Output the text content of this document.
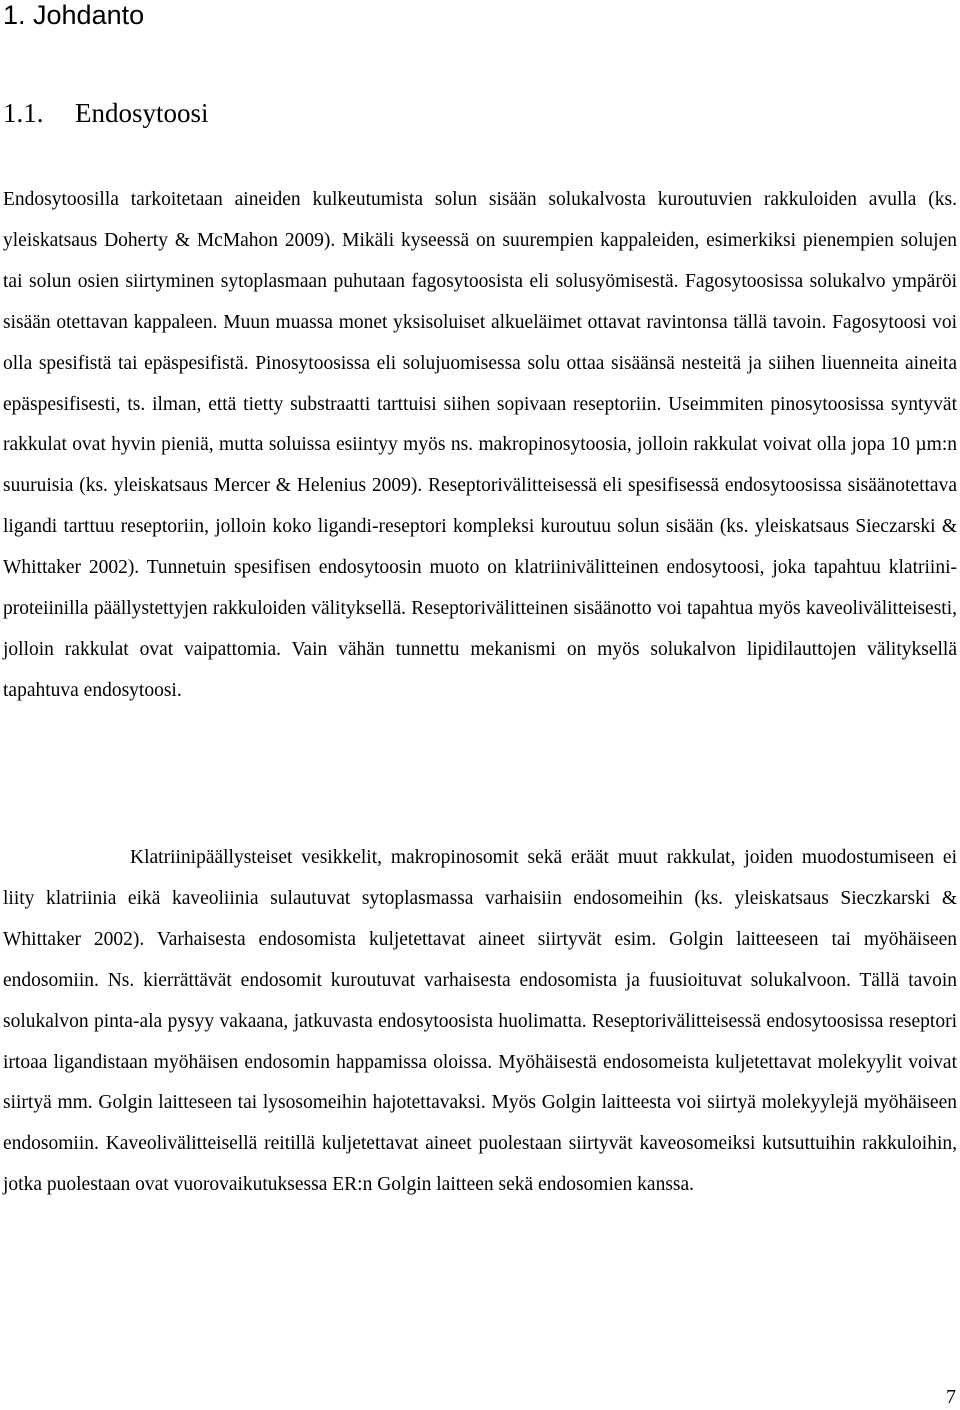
1. Johdanto
1.1. Endosytoosi

Endosytoosilla tarkoitetaan aineiden kulkeutumista solun sisään solukalvosta kuroutuvien rakkuloiden avulla (ks. yleiskatsaus Doherty & McMahon 2009). Mikäli kyseessä on suurempien kappaleiden, esimerkiksi pienempien solujen tai solun osien siirtyminen sytoplasmaan puhutaan fagosytoosista eli solusyömisestä. Fagosytoosissa solukalvo ympäröi sisään otettavan kappaleen. Muun muassa monet yksisoluiset alkueläimet ottavat ravintonsa tällä tavoin. Fagosytoosi voi olla spesifistä tai epäspesifistä. Pinosytoosissa eli solujuomisessa solu ottaa sisäänsä nesteitä ja siihen liuenneita aineita epäspesifisesti, ts. ilman, että tietty substraatti tarttuisi siihen sopivaan reseptoriin. Useimmiten pinosytoosissa syntyvät rakkulat ovat hyvin pieniä, mutta soluissa esiintyy myös ns. makropinosytoosia, jolloin rakkulat voivat olla jopa 10 µm:n suuruisia (ks. yleiskatsaus Mercer & Helenius 2009). Reseptorivälitteisessä eli spesifisessä endosytoosissa sisäänotettava ligandi tarttuu reseptoriin, jolloin koko ligandi-reseptori kompleksi kuroutuu solun sisään (ks. yleiskatsaus Sieczarski & Whittaker 2002). Tunnetuin spesifisen endosytoosin muoto on klatriinivälitteinen endosytoosi, joka tapahtuu klatriini-proteiinilla päällystettyjen rakkuloiden välityksellä. Reseptorivälitteinen sisäänotto voi tapahtua myös kaveolivälitteisesti, jolloin rakkulat ovat vaipattomia. Vain vähän tunnettu mekanismi on myös solukalvon lipidilauttojen välityksellä tapahtuva endosytoosi.

Klatriinipäällysteiset vesikkelit, makropinosomit sekä eräät muut rakkulat, joiden muodostumiseen ei liity klatriinia eikä kaveoliinia sulautuvat sytoplasmassa varhaisiin endosomeihin (ks. yleiskatsaus Sieczkarski & Whittaker 2002). Varhaisesta endosomista kuljetettavat aineet siirtyvät esim. Golgin laitteeseen tai myöhäiseen endosomiin. Ns. kierrättävät endosomit kuroutuvat varhaisesta endosomista ja fuusioituvat solukalvoon. Tällä tavoin solukalvon pinta-ala pysyy vakaana, jatkuvasta endosytoosista huolimatta. Reseptorivälitteisessä endosytoosissa reseptori irtoaa ligandistaan myöhäisen endosomin happamissa oloissa. Myöhäisestä endosomeista kuljetettavat molekyylit voivat siirtyä mm. Golgin laitteseen tai lysosomeihin hajotettavaksi. Myös Golgin laitteesta voi siirtyä molekyylejä myöhäiseen endosomiin. Kaveolivälitteisellä reitillä kuljetettavat aineet puolestaan siirtyvät kaveosomeiksi kutsuttuihin rakkuloihin, jotka puolestaan ovat vuorovaikutuksessa ER:n Golgin laitteen sekä endosomien kanssa.

7
